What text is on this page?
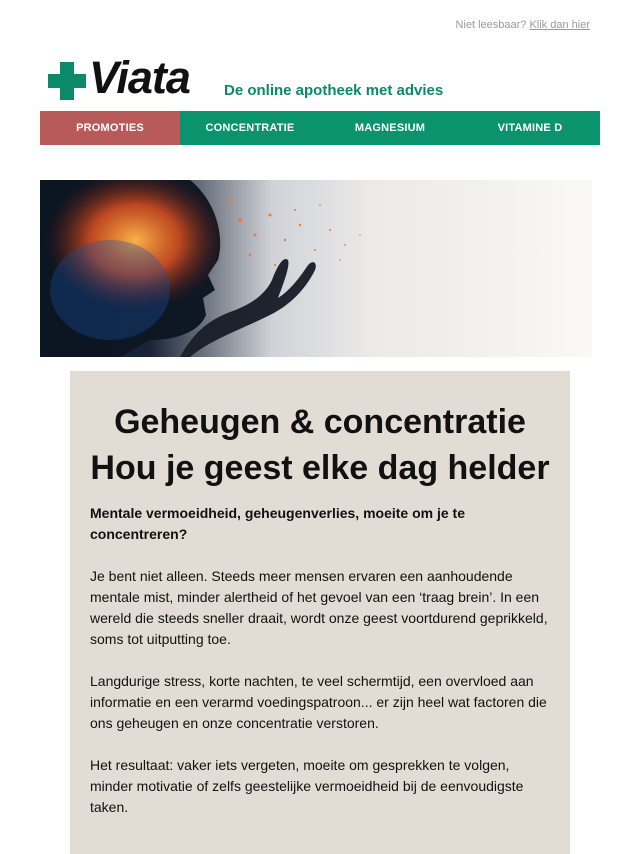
Niet leesbaar? Klik dan hier
Viata De online apotheek met advies
PROMOTIES	CONCENTRATIE	MAGNESIUM	VITAMINE D
Geheugen & concentratie
Hou je geest elke dag helder
Mentale vermoeidheid, geheugenverlies, moeite om je te concentreren?

Je bent niet alleen. Steeds meer mensen ervaren een aanhoudende mentale mist, minder alertheid of het gevoel van een ‘traag brein’. In een wereld die steeds sneller draait, wordt onze geest voortdurend geprikkeld, soms tot uitputting toe.

Langdurige stress, korte nachten, te veel schermtijd, een overvloed aan informatie en een verarmd voedingspatroon... er zijn heel wat factoren die ons geheugen en onze concentratie verstoren.

Het resultaat: vaker iets vergeten, moeite om gesprekken te volgen, minder motivatie of zelfs geestelijke vermoeidheid bij de eenvoudigste taken.
